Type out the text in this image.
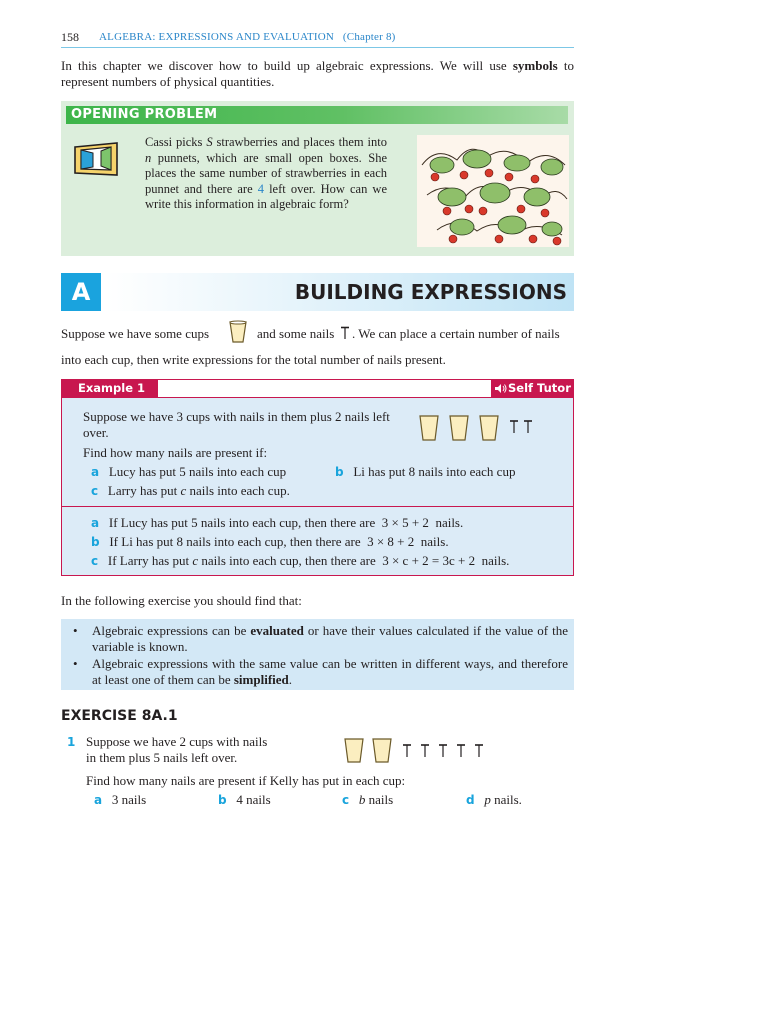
158 ALGEBRA: EXPRESSIONS AND EVALUATION (Chapter 8)
In this chapter we discover how to build up algebraic expressions. We will use symbols to represent numbers of physical quantities.
OPENING PROBLEM
Cassi picks S strawberries and places them into n punnets, which are small open boxes. She places the same number of strawberries in each punnet and there are 4 left over. How can we write this information in algebraic form?
A	BUILDING EXPRESSIONS
Suppose we have some cups	and some nails . We can place a certain number of nails
into each cup, then write expressions for the total number of nails present.
Example 1	Self Tutor
Suppose we have 3 cups with nails in them plus 2 nails left over.
Find how many nails are present if:
a Lucy has put 5 nails into each cup	b Li has put 8 nails into each cup
c Larry has put c nails into each cup.
a If Lucy has put 5 nails into each cup, then there are 3 × 5 + 2 nails.
b If Li has put 8 nails into each cup, then there are 3 × 8 + 2 nails.
c If Larry has put c nails into each cup, then there are 3 × c + 2 = 3c + 2 nails.
In the following exercise you should find that:
• Algebraic expressions can be evaluated or have their values calculated if the value of the variable is known.
• Algebraic expressions with the same value can be written in different ways, and therefore at least one of them can be simplified.
EXERCISE 8A.1
1 Suppose we have 2 cups with nails
in them plus 5 nails left over.
Find how many nails are present if Kelly has put in each cup:
a 3 nails	b 4 nails	c b nails	d p nails.
